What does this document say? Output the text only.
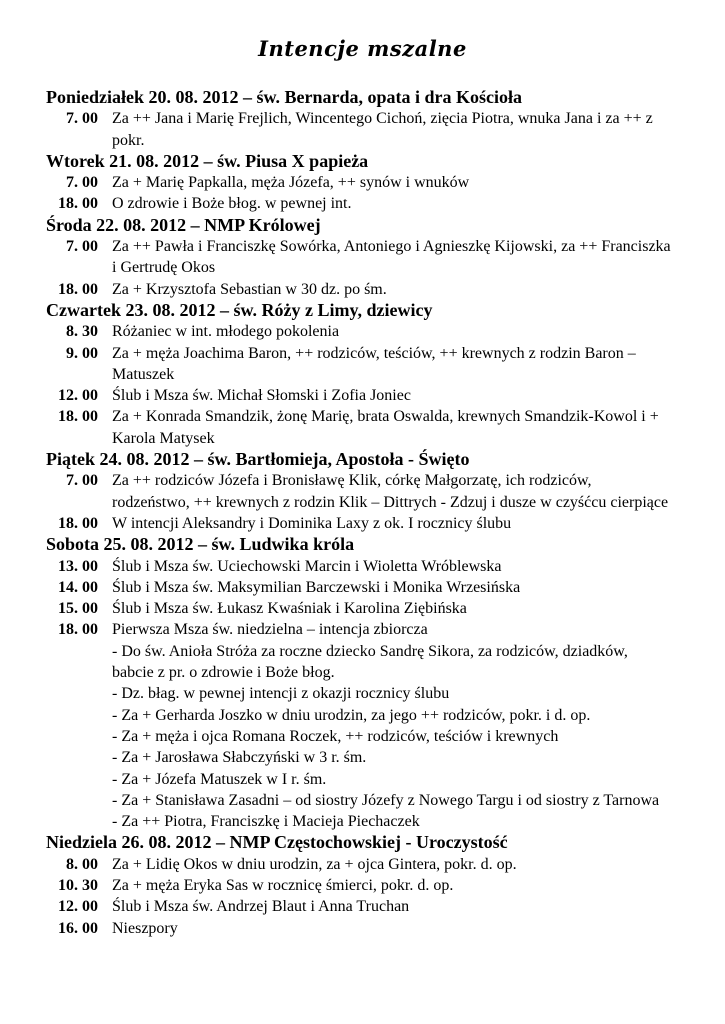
Intencje mszalne
Poniedziałek 20. 08. 2012 – św. Bernarda, opata i dra Kościoła
7. 00 Za ++ Jana i Marię Frejlich, Wincentego Cichoń, zięcia Piotra, wnuka Jana i za ++ z pokr.
Wtorek 21. 08. 2012 – św. Piusa X papieża
7. 00 Za + Marię Papkalla, męża Józefa, ++ synów i wnuków
18. 00 O zdrowie i Boże błog. w pewnej int.
Środa 22. 08. 2012 – NMP Królowej
7. 00 Za ++ Pawła i Franciszkę Sowórka, Antoniego i Agnieszkę Kijowski, za ++ Franciszka i Gertrudę Okos
18. 00 Za + Krzysztofa Sebastian w 30 dz. po śm.
Czwartek 23. 08. 2012 – św. Róży z Limy, dziewicy
8. 30 Różaniec w int. młodego pokolenia
9. 00 Za + męża Joachima Baron, ++ rodziców, teściów, ++ krewnych z rodzin Baron – Matuszek
12. 00 Ślub i Msza św. Michał Słomski i Zofia Joniec
18. 00 Za + Konrada Smandzik, żonę Marię, brata Oswalda, krewnych Smandzik-Kowol i + Karola Matysek
Piątek 24. 08. 2012 – św. Bartłomieja, Apostoła - Święto
7. 00 Za ++ rodziców Józefa i Bronisławę Klik, córkę Małgorzatę, ich rodziców, rodzeństwo, ++ krewnych z rodzin Klik – Dittrych - Zdzuj i dusze w czyśćcu cierpiące
18. 00 W intencji Aleksandry i Dominika Laxy z ok. I rocznicy ślubu
Sobota 25. 08. 2012 – św. Ludwika króla
13. 00 Ślub i Msza św. Uciechowski Marcin i Wioletta Wróblewska
14. 00 Ślub i Msza św. Maksymilian Barczewski i Monika Wrzesińska
15. 00 Ślub i Msza św. Łukasz Kwaśniak i Karolina Ziębińska
18. 00 Pierwsza Msza św. niedzielna – intencja zbiorcza
- Do św. Anioła Stróża za roczne dziecko Sandrę Sikora, za rodziców, dziadków, babcie z pr. o zdrowie i Boże błog.
- Dz. błag. w pewnej intencji z okazji rocznicy ślubu
- Za + Gerharda Joszko w dniu urodzin, za jego ++ rodziców, pokr. i d. op.
- Za + męża i ojca Romana Roczek, ++ rodziców, teściów i krewnych
- Za + Jarosława Słabczyński w 3 r. śm.
- Za + Józefa Matuszek w I r. śm.
- Za + Stanisława Zasadni – od siostry Józefy z Nowego Targu i od siostry z Tarnowa
- Za ++ Piotra, Franciszkę i Macieja Piechaczek
Niedziela 26. 08. 2012 – NMP Częstochowskiej - Uroczystość
8. 00 Za + Lidię Okos w dniu urodzin, za + ojca Gintera, pokr. d. op.
10. 30 Za + męża Eryka Sas w rocznicę śmierci, pokr. d. op.
12. 00 Ślub i Msza św. Andrzej Blaut i Anna Truchan
16. 00 Nieszpory
